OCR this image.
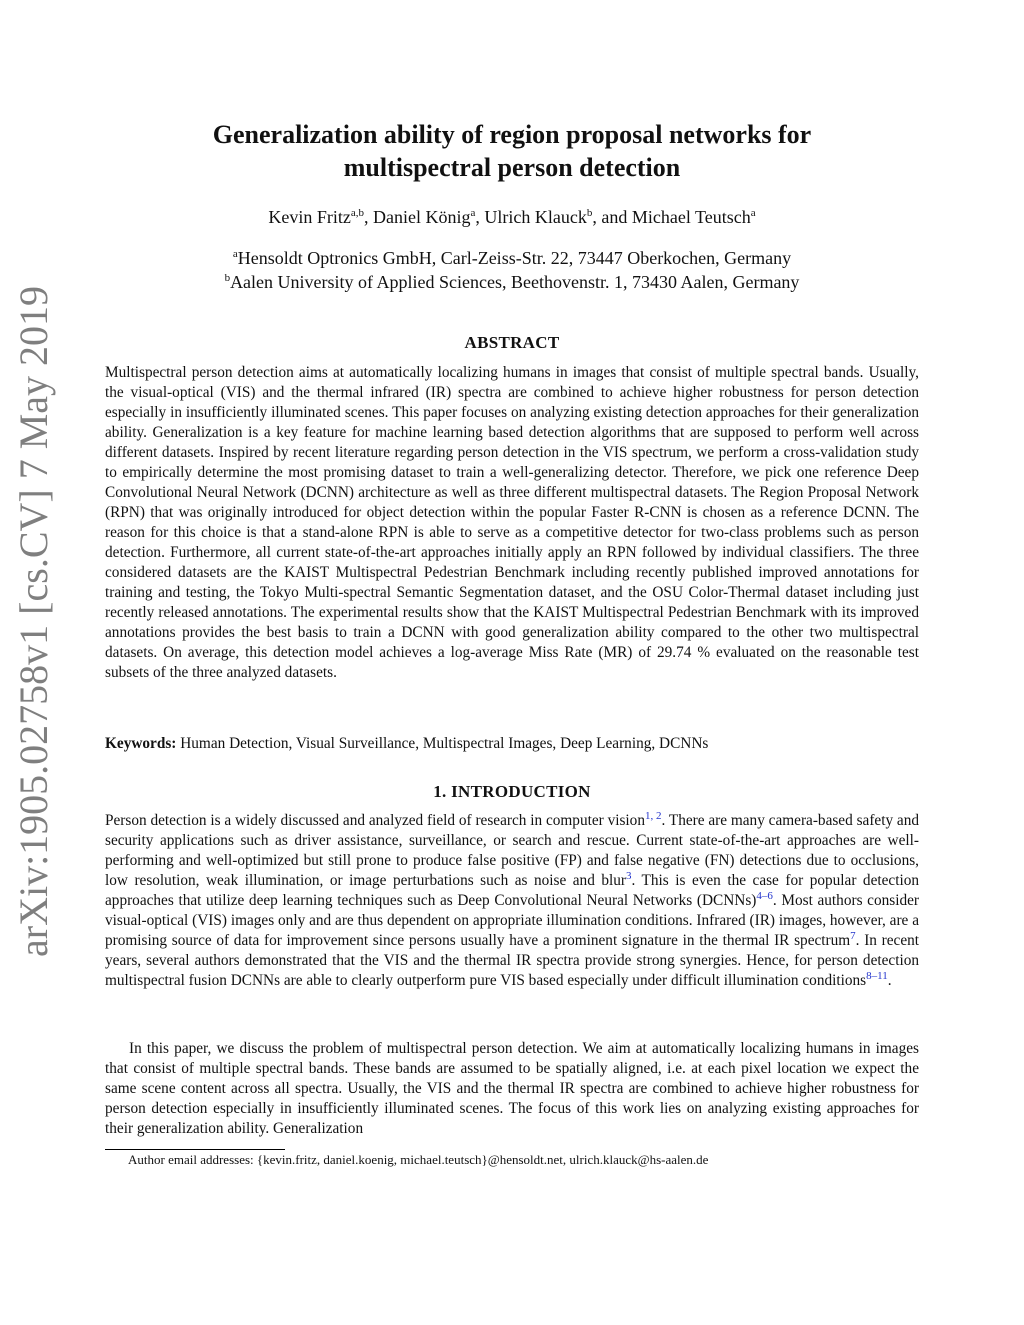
arXiv:1905.02758v1 [cs.CV] 7 May 2019
Generalization ability of region proposal networks for multispectral person detection
Kevin Fritz$^{a,b}$, Daniel König$^a$, Ulrich Klauck$^b$, and Michael Teutsch$^a$
$^a$Hensoldt Optronics GmbH, Carl-Zeiss-Str. 22, 73447 Oberkochen, Germany
$^b$Aalen University of Applied Sciences, Beethovenstr. 1, 73430 Aalen, Germany
ABSTRACT

Multispectral person detection aims at automatically localizing humans in images that consist of multiple spectral bands. Usually, the visual-optical (VIS) and the thermal infrared (IR) spectra are combined to achieve higher robustness for person detection especially in insufficiently illuminated scenes. This paper focuses on analyzing existing detection approaches for their generalization ability. Generalization is a key feature for machine learning based detection algorithms that are supposed to perform well across different datasets. Inspired by recent literature regarding person detection in the VIS spectrum, we perform a cross-validation study to empirically determine the most promising dataset to train a well-generalizing detector. Therefore, we pick one reference Deep Convolutional Neural Network (DCNN) architecture as well as three different multispectral datasets. The Region Proposal Network (RPN) that was originally introduced for object detection within the popular Faster R-CNN is chosen as a reference DCNN. The reason for this choice is that a stand-alone RPN is able to serve as a competitive detector for two-class problems such as person detection. Furthermore, all current state-of-the-art approaches initially apply an RPN followed by individual classifiers. The three considered datasets are the KAIST Multispectral Pedestrian Benchmark including recently published improved annotations for training and testing, the Tokyo Multi-spectral Semantic Segmentation dataset, and the OSU Color-Thermal dataset including just recently released annotations. The experimental results show that the KAIST Multispectral Pedestrian Benchmark with its improved annotations provides the best basis to train a DCNN with good generalization ability compared to the other two multispectral datasets. On average, this detection model achieves a log-average Miss Rate (MR) of 29.74 % evaluated on the reasonable test subsets of the three analyzed datasets.

Keywords: Human Detection, Visual Surveillance, Multispectral Images, Deep Learning, DCNNs
1. INTRODUCTION

Person detection is a widely discussed and analyzed field of research in computer vision$^{1, 2}$. There are many camera-based safety and security applications such as driver assistance, surveillance, or search and rescue. Current state-of-the-art approaches are well-performing and well-optimized but still prone to produce false positive (FP) and false negative (FN) detections due to occlusions, low resolution, weak illumination, or image perturbations such as noise and blur$^3$. This is even the case for popular detection approaches that utilize deep learning techniques such as Deep Convolutional Neural Networks (DCNNs)$^{4-6}$. Most authors consider visual-optical (VIS) images only and are thus dependent on appropriate illumination conditions. Infrared (IR) images, however, are a promising source of data for improvement since persons usually have a prominent signature in the thermal IR spectrum$^7$. In recent years, several authors demonstrated that the VIS and the thermal IR spectra provide strong synergies. Hence, for person detection multispectral fusion DCNNs are able to clearly outperform pure VIS based especially under difficult illumination conditions$^{8-11}$.

In this paper, we discuss the problem of multispectral person detection. We aim at automatically localizing humans in images that consist of multiple spectral bands. These bands are assumed to be spatially aligned, i.e. at each pixel location we expect the same scene content across all spectra. Usually, the VIS and the thermal IR spectra are combined to achieve higher robustness for person detection especially in insufficiently illuminated scenes. The focus of this work lies on analyzing existing approaches for their generalization ability. Generalization

Author email addresses: {kevin.fritz, daniel.koenig, michael.teutsch}@hensoldt.net, ulrich.klauck@hs-aalen.de
